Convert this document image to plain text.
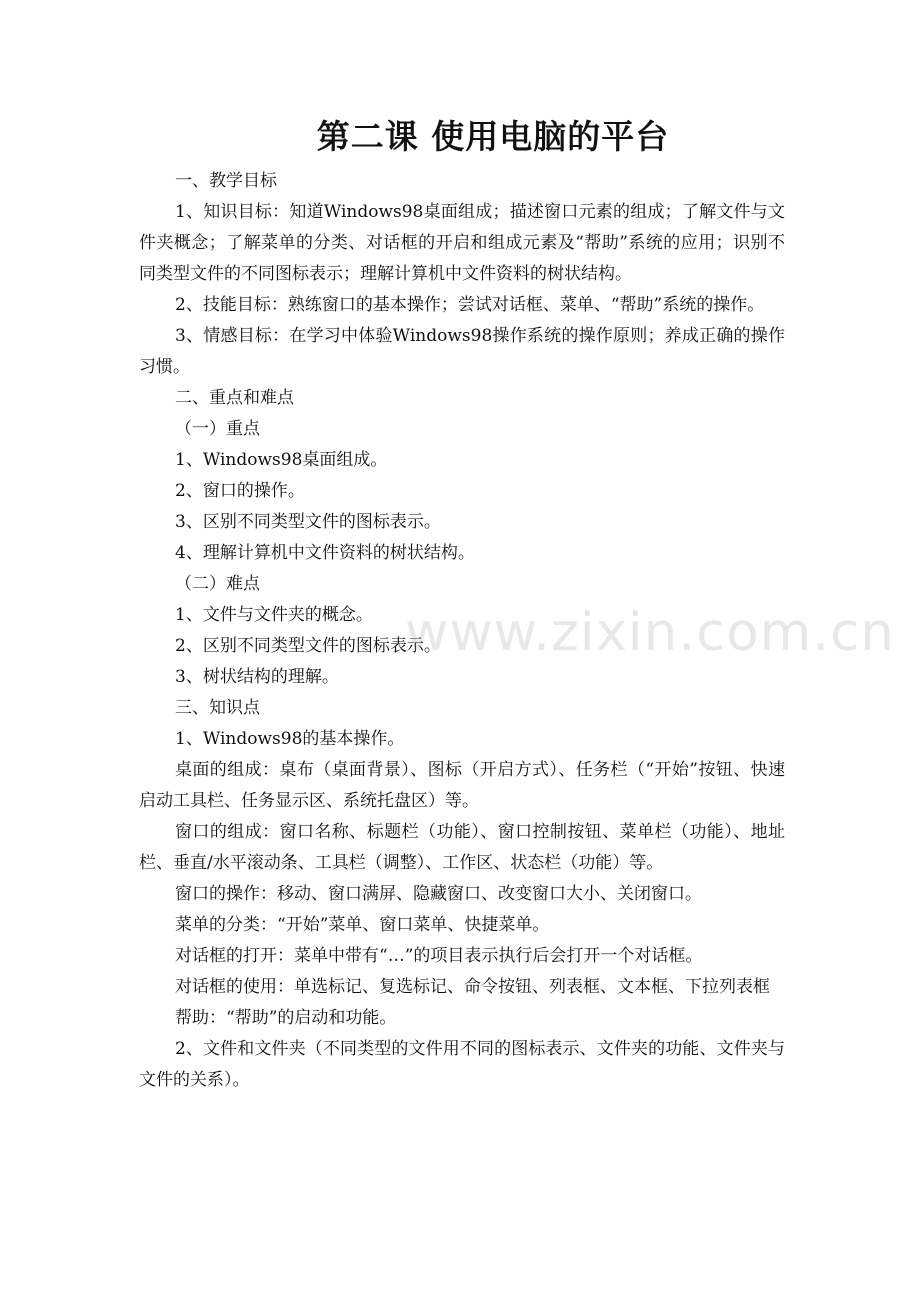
第二课 使用电脑的平台

一、教学目标

1、知识目标：知道Windows98桌面组成；描述窗口元素的组成；了解文件与文件夹概念；了解菜单的分类、对话框的开启和组成元素及“帮助”系统的应用；识别不同类型文件的不同图标表示；理解计算机中文件资料的树状结构。

2、技能目标：熟练窗口的基本操作；尝试对话框、菜单、“帮助”系统的操作。

3、情感目标：在学习中体验Windows98操作系统的操作原则；养成正确的操作习惯。

二、重点和难点

（一）重点

1、Windows98桌面组成。

2、窗口的操作。

3、区别不同类型文件的图标表示。

4、理解计算机中文件资料的树状结构。

（二）难点

1、文件与文件夹的概念。

2、区别不同类型文件的图标表示。

3、树状结构的理解。

三、知识点

1、Windows98的基本操作。

桌面的组成：桌布（桌面背景）、图标（开启方式）、任务栏（“开始”按钮、快速启动工具栏、任务显示区、系统托盘区）等。

窗口的组成：窗口名称、标题栏（功能）、窗口控制按钮、菜单栏（功能）、地址栏、垂直/水平滚动条、工具栏（调整）、工作区、状态栏（功能）等。

窗口的操作：移动、窗口满屏、隐藏窗口、改变窗口大小、关闭窗口。

菜单的分类：“开始”菜单、窗口菜单、快捷菜单。

对话框的打开：菜单中带有“…”的项目表示执行后会打开一个对话框。

对话框的使用：单选标记、复选标记、命令按钮、列表框、文本框、下拉列表框

帮助：“帮助”的启动和功能。

2、文件和文件夹（不同类型的文件用不同的图标表示、文件夹的功能、文件夹与文件的关系）。

www.zixin.com.cn
